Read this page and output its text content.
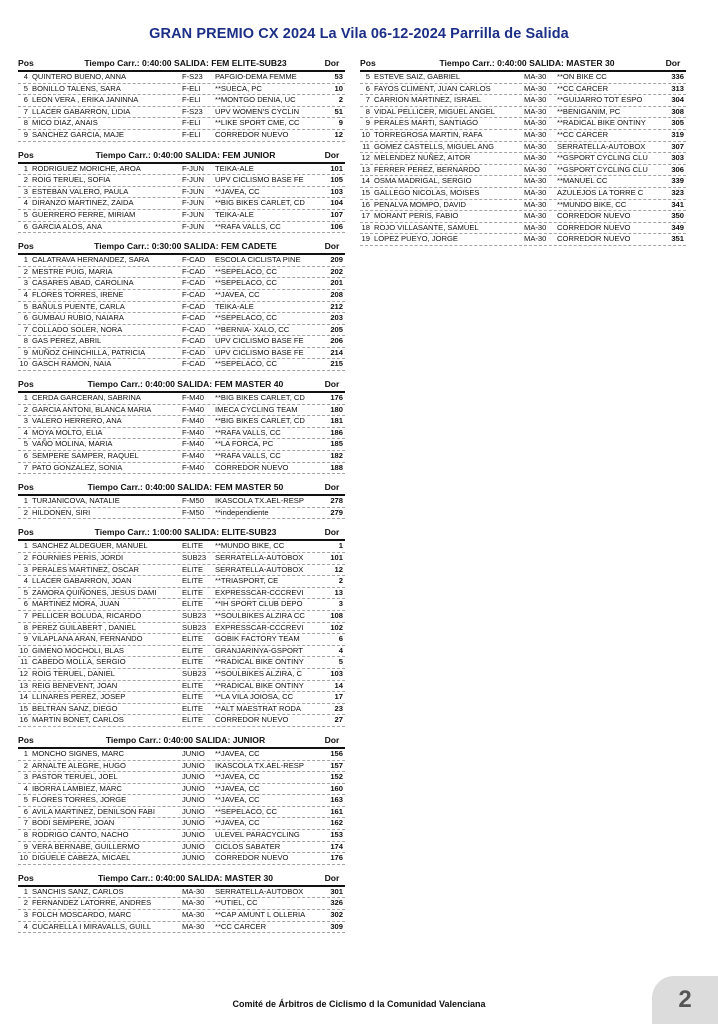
GRAN PREMIO CX 2024 La Vila 06-12-2024 Parrilla de Salida
Pos	Tiempo Carr.: 0:40:00 SALIDA: FEM ELITE-SUB23	Dor
4 QUINTERO BUENO, ANNA	F-S23	PAFGIO-DEMA FEMME	53
5 BONILLO TALENS, SARA	F-ELI	**SUECA, PC	10
6 LEON VERA , ERIKA JANINNA	F-ELI	**MONTGO DENIA, UC	2
7 LLACER GABARRON, LIDIA	F-S23	UPV WOMEN'S CYCLIN	51
8 MICO DIAZ, ANAIS	F-ELI	**LIKE SPORT CME, CC	9
9 SANCHEZ GARCIA, MAJE	F-ELI	CORREDOR NUEVO	12
Pos	Tiempo Carr.: 0:40:00 SALIDA: FEM JUNIOR	Dor
1 RODRIGUEZ MORICHE, AROA	F-JUN	TEIKA-ALE	101
2 ROIG TERUEL, SOFIA	F-JUN	UPV CICLISMO BASE FE	105
3 ESTEBAN VALERO, PAULA	F-JUN	**JAVEA, CC	103
4 DIRANZO MARTINEZ, ZAIDA	F-JUN	**BIG BIKES CARLET, CD	104
5 GUERRERO FERRE, MIRIAM	F-JUN	TEIKA-ALE	107
6 GARCIA ALOS, ANA	F-JUN	**RAFA VALLS, CC	106
Pos	Tiempo Carr.: 0:30:00 SALIDA: FEM CADETE	Dor
1 CALATRAVA HERNANDEZ, SARA	F-CAD	ESCOLA CICLISTA PINE	209
2 MESTRE PUIG, MARIA	F-CAD	**SEPELACO, CC	202
3 CASARES ABAD, CAROLINA	F-CAD	**SEPELACO, CC	201
4 FLORES TORRES, IRENE	F-CAD	**JAVEA, CC	208
5 BAÑULS PUENTE, CARLA	F-CAD	TEIKA-ALE	212
6 GUMBAU RUBIO, NAIARA	F-CAD	**SEPELACO, CC	203
7 COLLADO SOLER, NORA	F-CAD	**BERNIA- XALO, CC	205
8 GAS PEREZ, ABRIL	F-CAD	UPV CICLISMO BASE FE	206
9 MUÑOZ CHINCHILLA, PATRICIA	F-CAD	UPV CICLISMO BASE FE	214
10 GASCH RAMON, NAIA	F-CAD	**SEPELACO, CC	215
Pos	Tiempo Carr.: 0:40:00 SALIDA: FEM MASTER 40	Dor
1 CERDA GARCERAN, SABRINA	F-M40	**BIG BIKES CARLET, CD	176
2 GARCIA ANTONI, BLANCA MARIA	F-M40	IMECA CYCLING TEAM	180
3 VALERO HERRERO, ANA	F-M40	**BIG BIKES CARLET, CD	181
4 MOYA MOLTO, ELIA	F-M40	**RAFA VALLS, CC	186
5 VAÑO MOLINA, MARIA	F-M40	**LA FORCA, PC	185
6 SEMPERE SAMPER, RAQUEL	F-M40	**RAFA VALLS, CC	182
7 PATO GONZALEZ, SONIA	F-M40	CORREDOR NUEVO	188
Pos	Tiempo Carr.: 0:40:00 SALIDA: FEM MASTER 50	Dor
1 TURJANICOVA, NATALIE	F-M50	IKASCOLA TX.AEL-RESP	278
2 HILDONEN, SIRI	F-M50	**independiente	279
Pos	Tiempo Carr.: 1:00:00 SALIDA: ELITE-SUB23	Dor
1 SANCHEZ ALDEGUER, MANUEL	ELITE	**MUNDO BIKE, CC	1
2 FOURNIES PERIS, JORDI	SUB23	SERRATELLA-AUTOBOX	101
3 PERALES MARTINEZ, OSCAR	ELITE	SERRATELLA-AUTOBOX	12
4 LLACER GABARRON, JOAN	ELITE	**TRIASPORT, CE	2
5 ZAMORA QUIÑONES, JESUS DAMI	ELITE	EXPRESSCAR-CCCREVI	13
6 MARTINEZ MORA, JUAN	ELITE	**IH SPORT CLUB DEPO	3
7 PELLICER BOLUDA, RICARDO	SUB23	**SOULBIKES ALZIRA CC	108
8 PEREZ GUILABERT , DANIEL	SUB23	EXPRESSCAR-CCCREVI	102
9 VILAPLANA ARAN, FERNANDO	ELITE	GOBIK FACTORY TEAM	6
10 GIMENO MOCHOLI, BLAS	ELITE	GRANJARINYA-GSPORT	4
11 CABEDO MOLLA, SERGIO	ELITE	**RADICAL BIKE ONTINY	5
12 ROIG TERUEL, DANIEL	SUB23	**SOULBIKES ALZIRA, C	103
13 REIG BENEVENT, JOAN	ELITE	**RADICAL BIKE ONTINY	14
14 LLINARES PEREZ, JOSEP	ELITE	**LA VILA JOIOSA, CC	17
15 BELTRAN SANZ, DIEGO	ELITE	**ALT MAESTRAT RODA	23
16 MARTIN BONET, CARLOS	ELITE	CORREDOR NUEVO	27
Pos	Tiempo Carr.: 0:40:00 SALIDA: JUNIOR	Dor
1 MONCHO SIGNES, MARC	JUNIO	**JAVEA, CC	156
2 ARNALTE ALEGRE, HUGO	JUNIO	IKASCOLA TX.AEL-RESP	157
3 PASTOR TERUEL, JOEL	JUNIO	**JAVEA, CC	152
4 IBORRA LAMBIEZ, MARC	JUNIO	**JAVEA, CC	160
5 FLORES TORRES, JORGE	JUNIO	**JAVEA, CC	163
6 AVILA MARTINEZ, DENILSON FABI	JUNIO	**SEPELACO, CC	161
7 BODI SEMPERE, JOAN	JUNIO	**JAVEA, CC	162
8 RODRIGO CANTO, NACHO	JUNIO	ULEVEL PARACYCLING	153
9 VERA BERNABE, GUILLERMO	JUNIO	CICLOS SABATER	174
10 DIGUELE CABEZA, MICAEL	JUNIO	CORREDOR NUEVO	176
Pos	Tiempo Carr.: 0:40:00 SALIDA: MASTER 30	Dor
1 SANCHIS SANZ, CARLOS	MA-30	SERRATELLA-AUTOBOX	301
2 FERNANDEZ LATORRE, ANDRES	MA-30	**UTIEL, CC	326
3 FOLCH MOSCARDO, MARC	MA-30	**CAP AMUNT L OLLERIA	302
4 CUCARELLA I MIRAVALLS, GUILL	MA-30	**CC CARCER	309
Pos	Tiempo Carr.: 0:40:00 SALIDA: MASTER 30	Dor
5 ESTEVE SAIZ, GABRIEL	MA-30	**ON BIKE CC	336
6 FAYOS CLIMENT, JUAN CARLOS	MA-30	**CC CARCER	313
7 CARRION MARTINEZ, ISRAEL	MA-30	**GUIJARRO TOT ESPO	304
8 VIDAL PELLICER, MIGUEL ANGEL	MA-30	**BENIGANIM, PC	308
9 PERALES MARTI, SANTIAGO	MA-30	**RADICAL BIKE ONTINY	305
10 TORREGROSA MARTIN, RAFA	MA-30	**CC CARCER	319
11 GOMEZ CASTELLS, MIGUEL ANG	MA-30	SERRATELLA-AUTOBOX	307
12 MELENDEZ NUÑEZ, AITOR	MA-30	**GSPORT CYCLING CLU	303
13 FERRER PEREZ, BERNARDO	MA-30	**GSPORT CYCLING CLU	306
14 OSMA MADRIGAL, SERGIO	MA-30	**MANUEL CC	339
15 GALLEGO NICOLAS, MOISES	MA-30	AZULEJOS LA TORRE C	323
16 PENALVA MOMPO, DAVID	MA-30	**MUNDO BIKE, CC	341
17 MORANT PERIS, FABIO	MA-30	CORREDOR NUEVO	350
18 ROJO VILLASANTE, SAMUEL	MA-30	CORREDOR NUEVO	349
19 LOPEZ PUEYO, JORGE	MA-30	CORREDOR NUEVO	351
Comité de Árbitros de Ciclismo d la Comunidad Valenciana	2
